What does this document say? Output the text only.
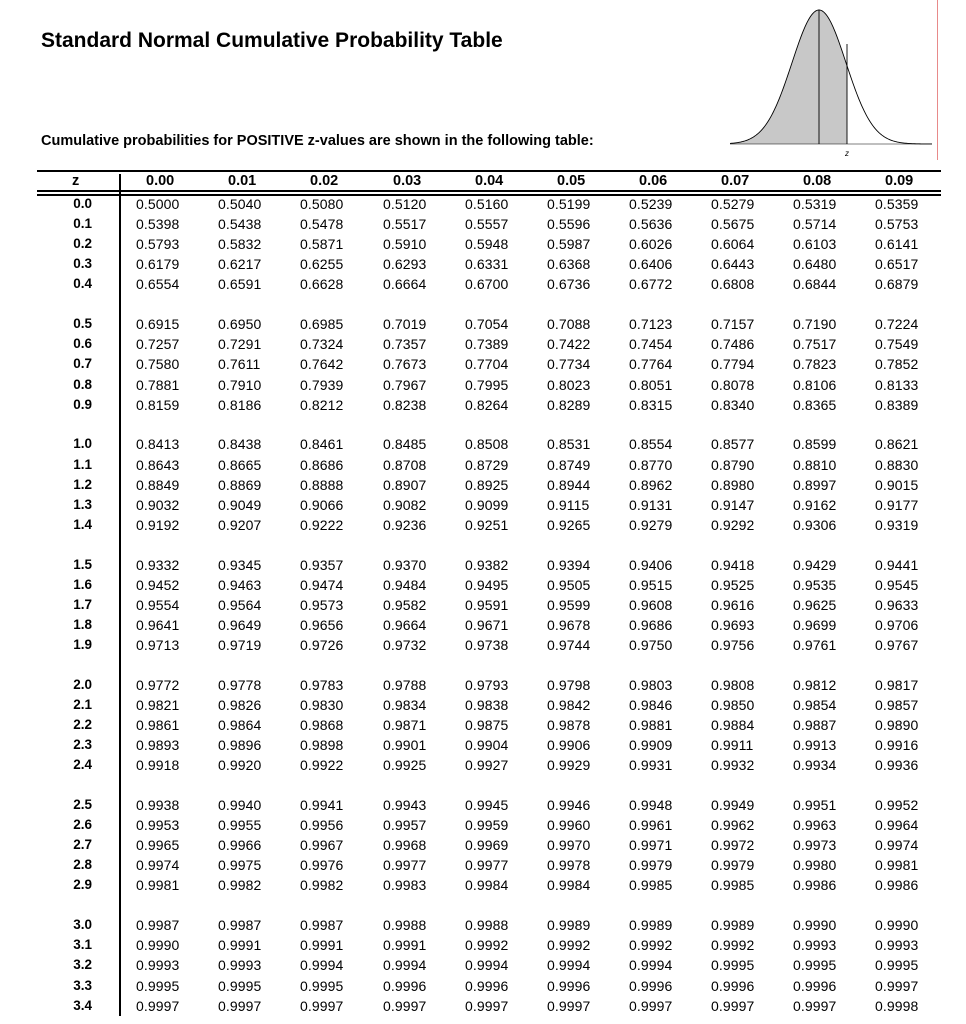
Standard Normal Cumulative Probability Table
Cumulative probabilities for POSITIVE z-values are shown in the following table:
z
z	0.00	0.01	0.02	0.03	0.04	0.05	0.06	0.07	0.08	0.09
0.0	0.5000	0.5040	0.5080	0.5120	0.5160	0.5199	0.5239	0.5279	0.5319	0.5359
0.1	0.5398	0.5438	0.5478	0.5517	0.5557	0.5596	0.5636	0.5675	0.5714	0.5753
0.2	0.5793	0.5832	0.5871	0.5910	0.5948	0.5987	0.6026	0.6064	0.6103	0.6141
0.3	0.6179	0.6217	0.6255	0.6293	0.6331	0.6368	0.6406	0.6443	0.6480	0.6517
0.4	0.6554	0.6591	0.6628	0.6664	0.6700	0.6736	0.6772	0.6808	0.6844	0.6879
0.5	0.6915	0.6950	0.6985	0.7019	0.7054	0.7088	0.7123	0.7157	0.7190	0.7224
0.6	0.7257	0.7291	0.7324	0.7357	0.7389	0.7422	0.7454	0.7486	0.7517	0.7549
0.7	0.7580	0.7611	0.7642	0.7673	0.7704	0.7734	0.7764	0.7794	0.7823	0.7852
0.8	0.7881	0.7910	0.7939	0.7967	0.7995	0.8023	0.8051	0.8078	0.8106	0.8133
0.9	0.8159	0.8186	0.8212	0.8238	0.8264	0.8289	0.8315	0.8340	0.8365	0.8389
1.0	0.8413	0.8438	0.8461	0.8485	0.8508	0.8531	0.8554	0.8577	0.8599	0.8621
1.1	0.8643	0.8665	0.8686	0.8708	0.8729	0.8749	0.8770	0.8790	0.8810	0.8830
1.2	0.8849	0.8869	0.8888	0.8907	0.8925	0.8944	0.8962	0.8980	0.8997	0.9015
1.3	0.9032	0.9049	0.9066	0.9082	0.9099	0.9115	0.9131	0.9147	0.9162	0.9177
1.4	0.9192	0.9207	0.9222	0.9236	0.9251	0.9265	0.9279	0.9292	0.9306	0.9319
1.5	0.9332	0.9345	0.9357	0.9370	0.9382	0.9394	0.9406	0.9418	0.9429	0.9441
1.6	0.9452	0.9463	0.9474	0.9484	0.9495	0.9505	0.9515	0.9525	0.9535	0.9545
1.7	0.9554	0.9564	0.9573	0.9582	0.9591	0.9599	0.9608	0.9616	0.9625	0.9633
1.8	0.9641	0.9649	0.9656	0.9664	0.9671	0.9678	0.9686	0.9693	0.9699	0.9706
1.9	0.9713	0.9719	0.9726	0.9732	0.9738	0.9744	0.9750	0.9756	0.9761	0.9767
2.0	0.9772	0.9778	0.9783	0.9788	0.9793	0.9798	0.9803	0.9808	0.9812	0.9817
2.1	0.9821	0.9826	0.9830	0.9834	0.9838	0.9842	0.9846	0.9850	0.9854	0.9857
2.2	0.9861	0.9864	0.9868	0.9871	0.9875	0.9878	0.9881	0.9884	0.9887	0.9890
2.3	0.9893	0.9896	0.9898	0.9901	0.9904	0.9906	0.9909	0.9911	0.9913	0.9916
2.4	0.9918	0.9920	0.9922	0.9925	0.9927	0.9929	0.9931	0.9932	0.9934	0.9936
2.5	0.9938	0.9940	0.9941	0.9943	0.9945	0.9946	0.9948	0.9949	0.9951	0.9952
2.6	0.9953	0.9955	0.9956	0.9957	0.9959	0.9960	0.9961	0.9962	0.9963	0.9964
2.7	0.9965	0.9966	0.9967	0.9968	0.9969	0.9970	0.9971	0.9972	0.9973	0.9974
2.8	0.9974	0.9975	0.9976	0.9977	0.9977	0.9978	0.9979	0.9979	0.9980	0.9981
2.9	0.9981	0.9982	0.9982	0.9983	0.9984	0.9984	0.9985	0.9985	0.9986	0.9986
3.0	0.9987	0.9987	0.9987	0.9988	0.9988	0.9989	0.9989	0.9989	0.9990	0.9990
3.1	0.9990	0.9991	0.9991	0.9991	0.9992	0.9992	0.9992	0.9992	0.9993	0.9993
3.2	0.9993	0.9993	0.9994	0.9994	0.9994	0.9994	0.9994	0.9995	0.9995	0.9995
3.3	0.9995	0.9995	0.9995	0.9996	0.9996	0.9996	0.9996	0.9996	0.9996	0.9997
3.4	0.9997	0.9997	0.9997	0.9997	0.9997	0.9997	0.9997	0.9997	0.9997	0.9998
